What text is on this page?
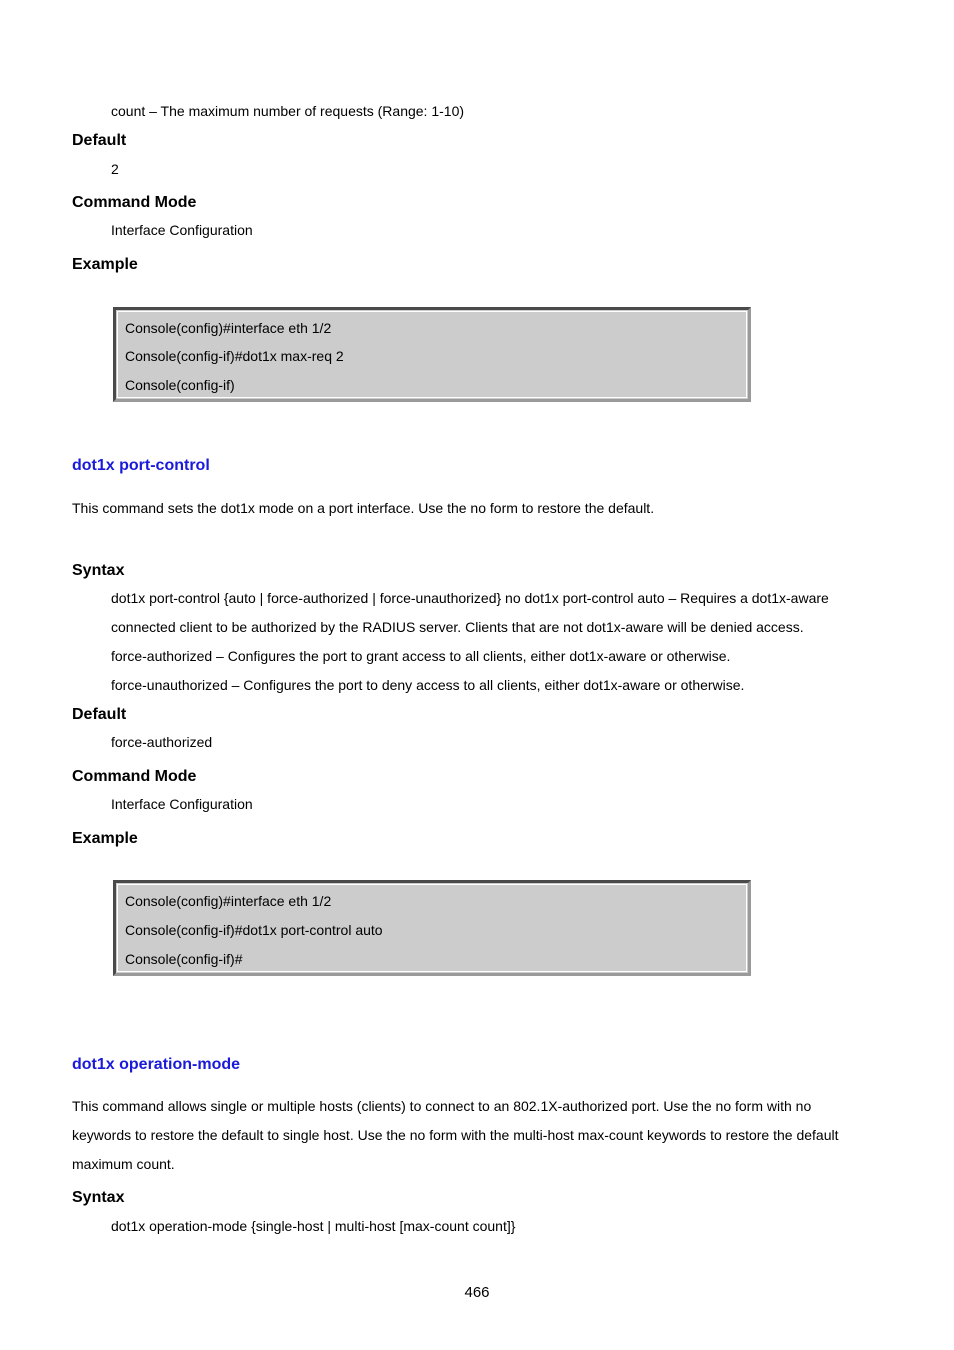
count – The maximum number of requests (Range: 1-10)
Default
2
Command Mode
Interface Configuration
Example
Console(config)#interface eth 1/2
Console(config-if)#dot1x max-req 2
Console(config-if)
dot1x port-control
This command sets the dot1x mode on a port interface. Use the no form to restore the default.
Syntax
dot1x port-control {auto | force-authorized | force-unauthorized} no dot1x port-control auto – Requires a dot1x-aware
connected client to be authorized by the RADIUS server. Clients that are not dot1x-aware will be denied access.
force-authorized – Configures the port to grant access to all clients, either dot1x-aware or otherwise.
force-unauthorized – Configures the port to deny access to all clients, either dot1x-aware or otherwise.
Default
force-authorized
Command Mode
Interface Configuration
Example
Console(config)#interface eth 1/2
Console(config-if)#dot1x port-control auto
Console(config-if)#
dot1x operation-mode
This command allows single or multiple hosts (clients) to connect to an 802.1X-authorized port. Use the no form with no
keywords to restore the default to single host. Use the no form with the multi-host max-count keywords to restore the default
maximum count.
Syntax
dot1x operation-mode {single-host | multi-host [max-count count]}
466
